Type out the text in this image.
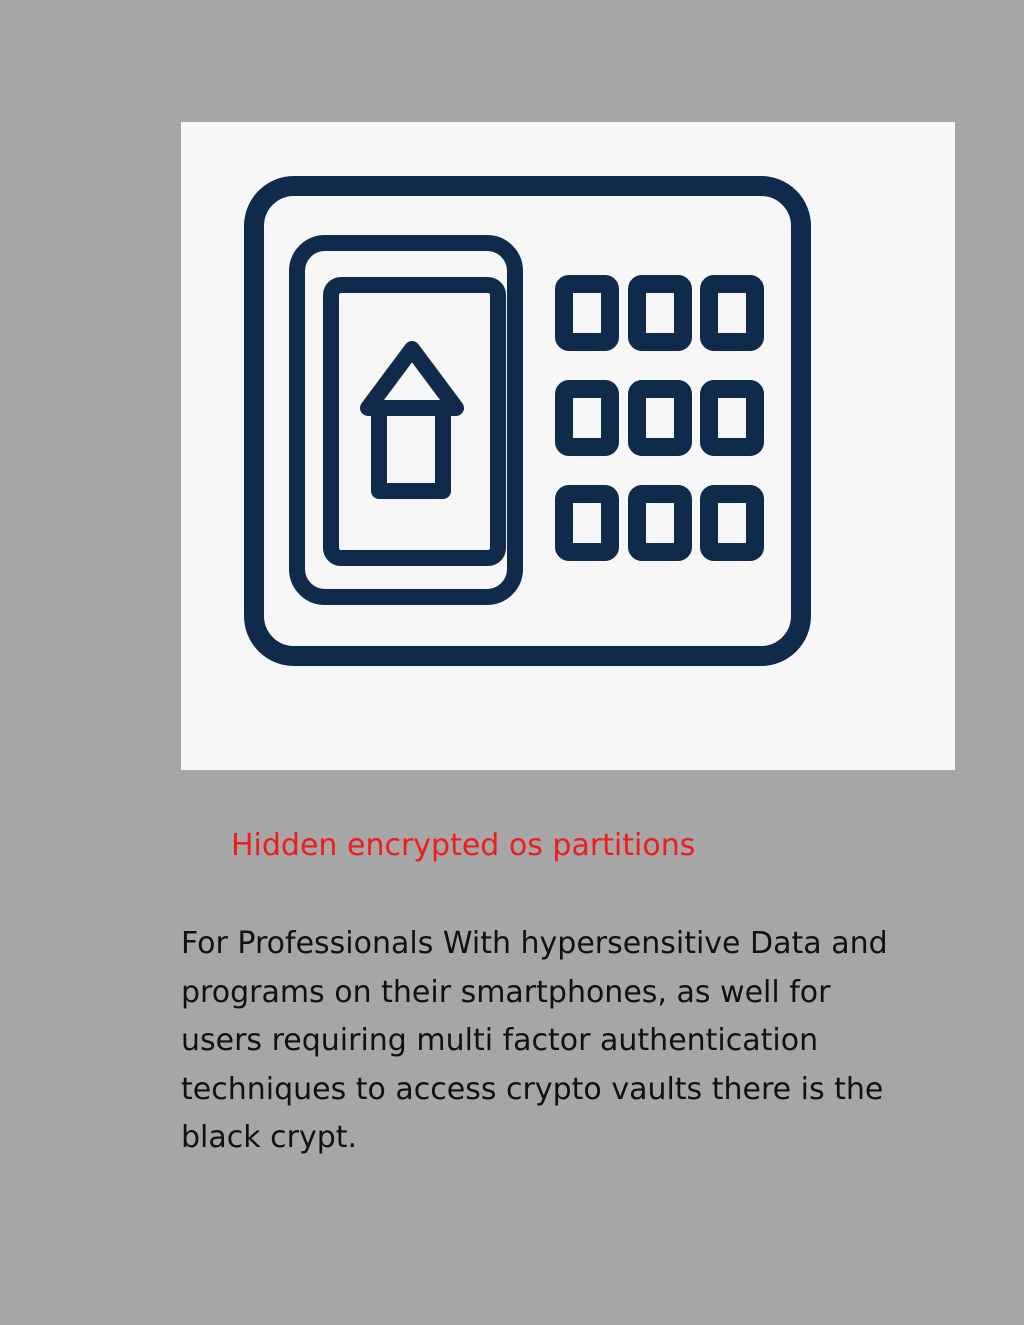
Hidden encrypted os partitions

For Professionals With hypersensitive Data and programs on their smartphones, as well for users requiring multi factor authentication techniques to access crypto vaults there is the black crypt.
